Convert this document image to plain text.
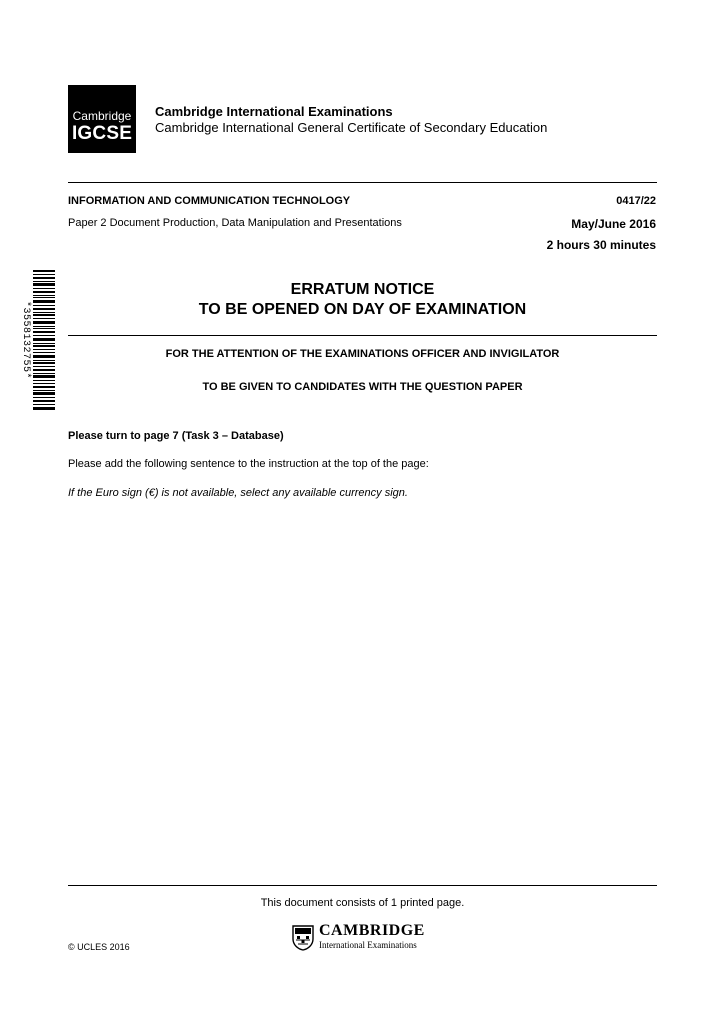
Cambridge
IGCSE
Cambridge International Examinations
Cambridge International General Certificate of Secondary Education
INFORMATION AND COMMUNICATION TECHNOLOGY	0417/22
Paper 2 Document Production, Data Manipulation and Presentations	May/June 2016
2 hours 30 minutes
*3558132755*
ERRATUM NOTICE
TO BE OPENED ON DAY OF EXAMINATION
FOR THE ATTENTION OF THE EXAMINATIONS OFFICER AND INVIGILATOR
TO BE GIVEN TO CANDIDATES WITH THE QUESTION PAPER
Please turn to page 7 (Task 3 – Database)
Please add the following sentence to the instruction at the top of the page:
If the Euro sign (€) is not available, select any available currency sign.
This document consists of 1 printed page.
© UCLES 2016
CAMBRIDGE
International Examinations
